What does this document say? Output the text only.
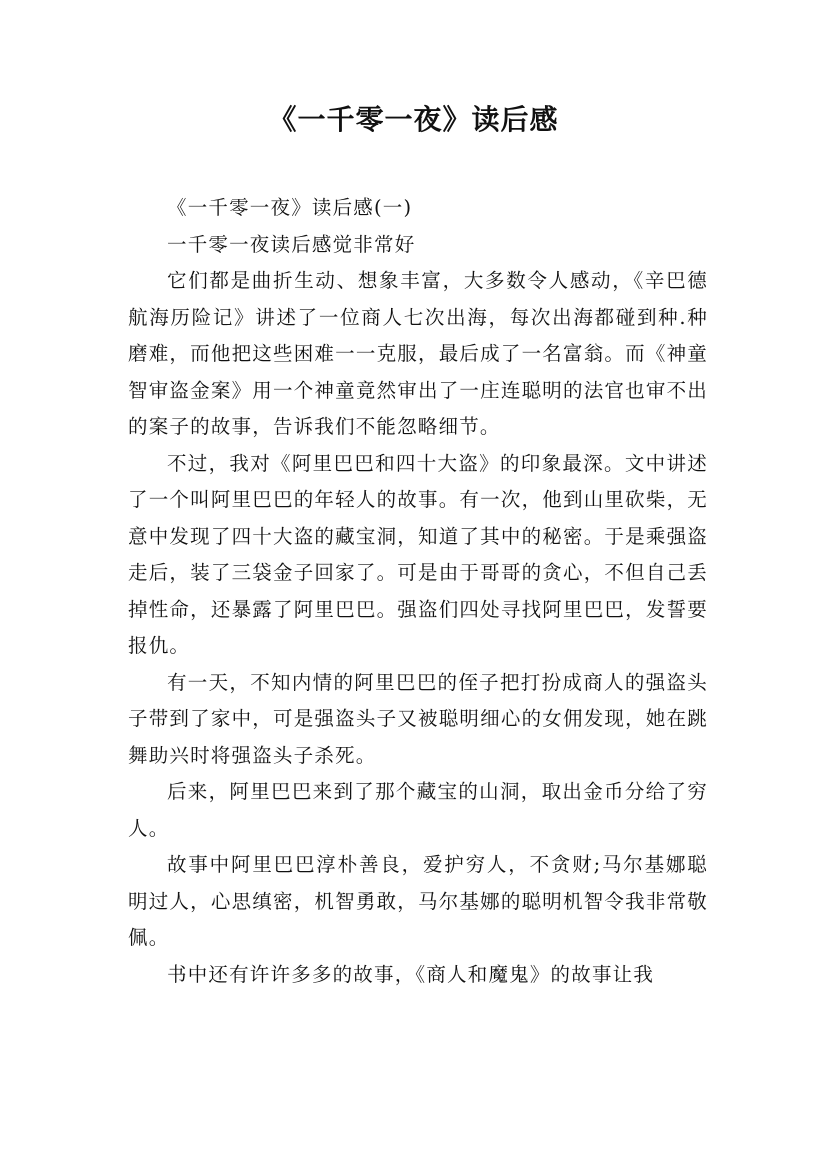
《一千零一夜》读后感

《一千零一夜》读后感(一)

一千零一夜读后感觉非常好

它们都是曲折生动、想象丰富，大多数令人感动，《辛巴德航海历险记》讲述了一位商人七次出海，每次出海都碰到种.种磨难，而他把这些困难一一克服，最后成了一名富翁。而《神童智审盗金案》用一个神童竟然审出了一庄连聪明的法官也审不出的案子的故事，告诉我们不能忽略细节。

不过，我对《阿里巴巴和四十大盗》的印象最深。文中讲述了一个叫阿里巴巴的年轻人的故事。有一次，他到山里砍柴，无意中发现了四十大盗的藏宝洞，知道了其中的秘密。于是乘强盗走后，装了三袋金子回家了。可是由于哥哥的贪心，不但自己丢掉性命，还暴露了阿里巴巴。强盗们四处寻找阿里巴巴，发誓要报仇。

有一天，不知内情的阿里巴巴的侄子把打扮成商人的强盗头子带到了家中，可是强盗头子又被聪明细心的女佣发现，她在跳舞助兴时将强盗头子杀死。

后来，阿里巴巴来到了那个藏宝的山洞，取出金币分给了穷人。

故事中阿里巴巴淳朴善良，爱护穷人，不贪财;马尔基娜聪明过人，心思缜密，机智勇敢，马尔基娜的聪明机智令我非常敬佩。

书中还有许许多多的故事，《商人和魔鬼》的故事让我
